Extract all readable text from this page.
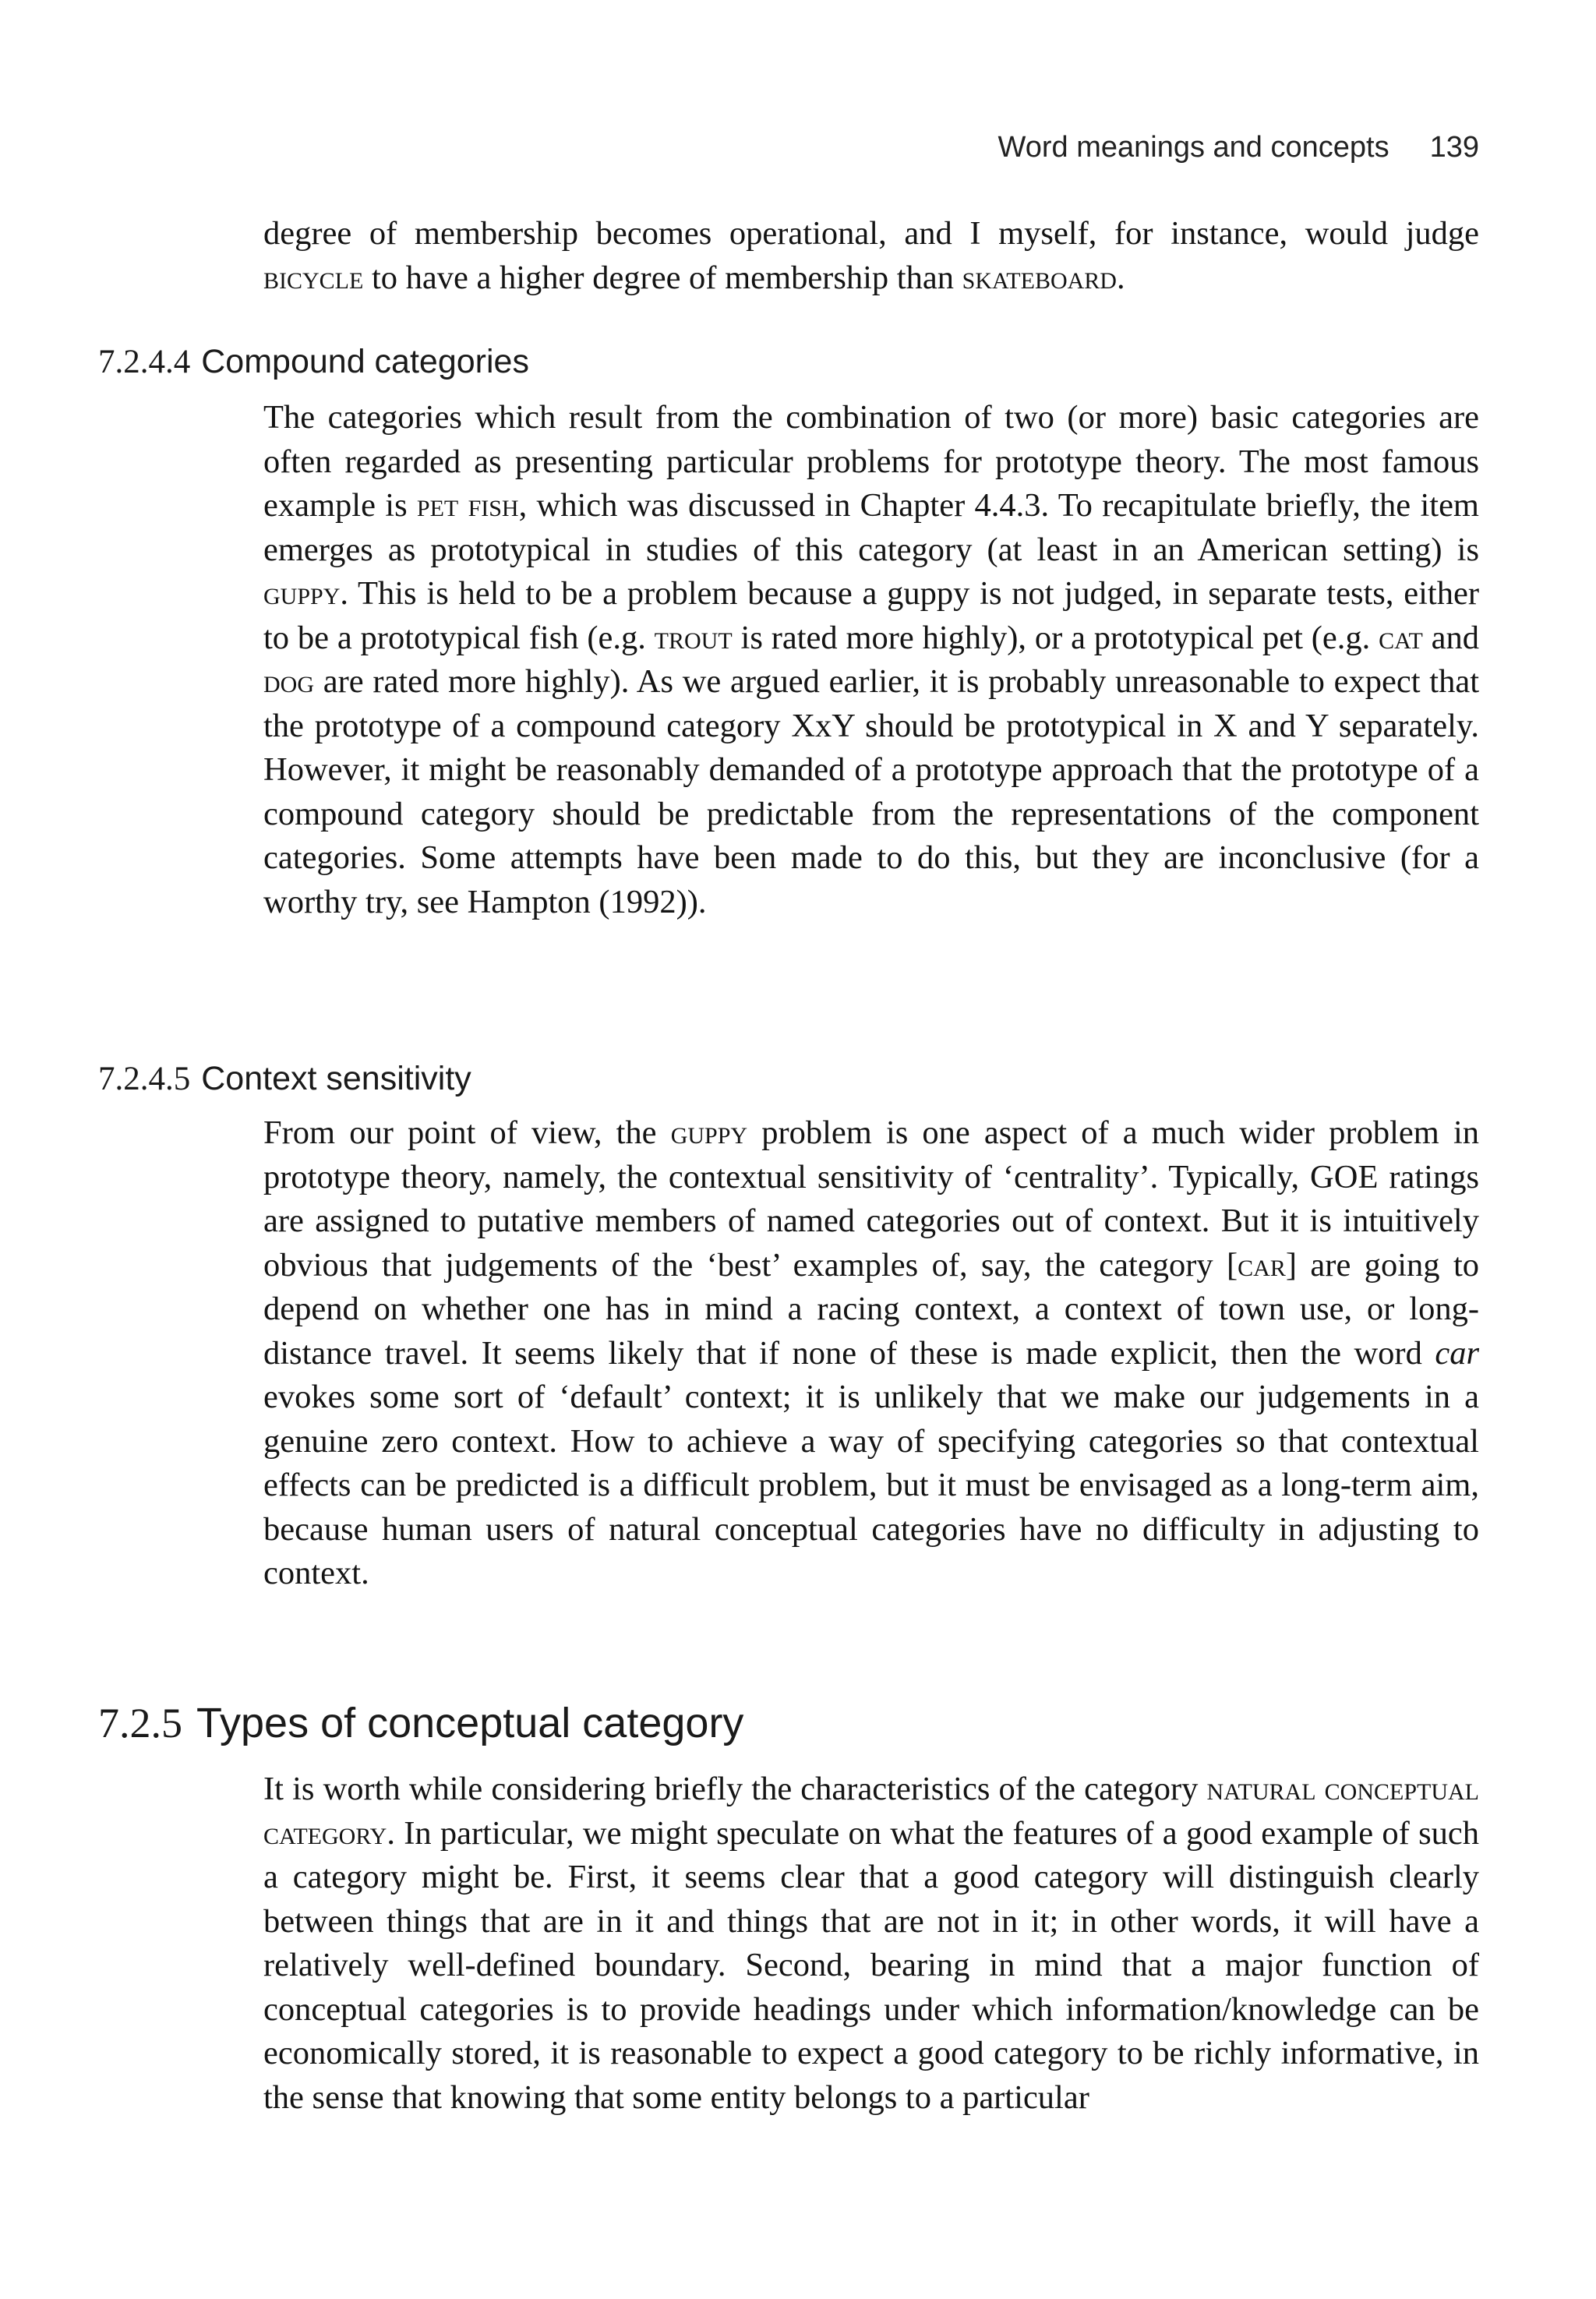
Word meanings and concepts 139

degree of membership becomes operational, and I myself, for instance, would judge bicycle to have a higher degree of membership than skateboard.

7.2.4.4 Compound categories

The categories which result from the combination of two (or more) basic categories are often regarded as presenting particular problems for prototype theory. The most famous example is pet fish, which was discussed in Chapter 4.4.3. To recapitulate briefly, the item emerges as prototypical in studies of this category (at least in an American setting) is guppy. This is held to be a problem because a guppy is not judged, in separate tests, either to be a prototypical fish (e.g. trout is rated more highly), or a prototypical pet (e.g. cat and dog are rated more highly). As we argued earlier, it is probably unreasonable to expect that the prototype of a compound category XxY should be prototypical in X and Y separately. However, it might be reasonably demanded of a prototype approach that the prototype of a compound category should be predictable from the representations of the component categories. Some attempts have been made to do this, but they are inconclusive (for a worthy try, see Hampton (1992)).

7.2.4.5 Context sensitivity

From our point of view, the guppy problem is one aspect of a much wider problem in prototype theory, namely, the contextual sensitivity of ‘centrality’. Typically, GOE ratings are assigned to putative members of named categories out of context. But it is intuitively obvious that judgements of the ‘best’ examples of, say, the category [car] are going to depend on whether one has in mind a racing context, a context of town use, or long-distance travel. It seems likely that if none of these is made explicit, then the word car evokes some sort of ‘default’ context; it is unlikely that we make our judgements in a genuine zero context. How to achieve a way of specifying categories so that contextual effects can be predicted is a difficult problem, but it must be envisaged as a long-term aim, because human users of natural conceptual categories have no difficulty in adjusting to context.

7.2.5 Types of conceptual category

It is worth while considering briefly the characteristics of the category natural conceptual category. In particular, we might speculate on what the features of a good example of such a category might be. First, it seems clear that a good category will distinguish clearly between things that are in it and things that are not in it; in other words, it will have a relatively well-defined boundary. Second, bearing in mind that a major function of conceptual categories is to provide headings under which information/knowledge can be economically stored, it is reasonable to expect a good category to be richly informative, in the sense that knowing that some entity belongs to a particular
